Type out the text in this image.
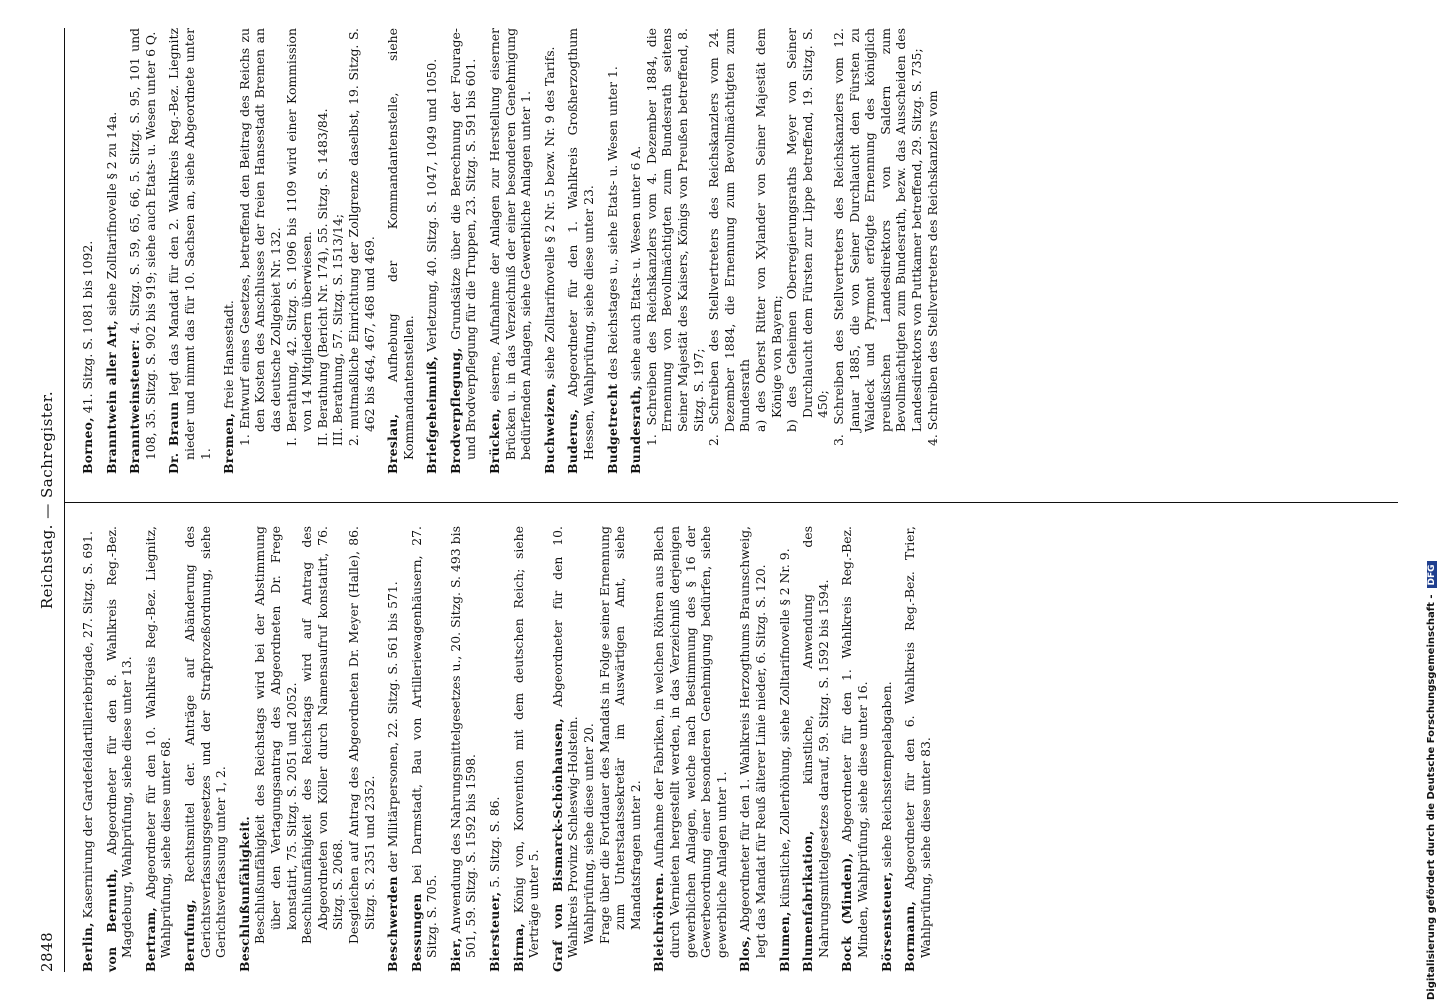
2848
Reichstag. — Sachregister.
Berlin, Kasernirung der Gardefeldartilleriebrigade, 27. Sitzg. S. 691.
von Bernuth, Abgeordneter für den 8. Wahlkreis Reg.-Bez. Magdeburg, Wahlprüfung, siehe diese unter 13. Bertram, Abgeordneter für den 10. Wahlkreis Reg.-Bez. Liegnitz, Wahlprüfung, siehe diese unter 68. Berufung, Rechtsmittel der. Anträge auf Abänderung des Gerichtsverfassungsgesetzes und der Strafprozeßordnung, siehe Gerichtsverfassung unter 1, 2. Beschlußunfähigkeit. Beschlußunfähigkeit des Reichstags wird bei der Abstimmung über den Vertagungsantrag des Abgeordneten Dr. Frege konstatirt, 75. Sitzg. S. 2051 und 2052. Beschlußunfähigkeit des Reichstags wird auf Antrag des Abgeordneten von Köller durch Namensaufruf konstatirt, 76. Sitzg. S. 2068. Desgleichen auf Antrag des Abgeordneten Dr. Meyer (Halle), 86. Sitzg. S. 2351 und 2352. Beschwerden der Militärpersonen, 22. Sitzg. S. 561 bis 571.
Bessungen bei Darmstadt, Bau von Artilleriewagenhäusern, 27. Sitzg. S. 705. Bier, Anwendung des Nahrungsmittelgesetzes u., 20. Sitzg. S. 493 bis 501, 59. Sitzg. S. 1592 bis 1598. Biersteuer, 5. Sitzg. S. 86.
Birma, König von, Konvention mit dem deutschen Reich; siehe Verträge unter 5. Graf von Bismarck-Schönhausen, Abgeordneter für den 10. Wahlkreis Provinz Schleswig-Holstein. Wahlprüfung, siehe diese unter 20. Frage über die Fortdauer des Mandats in Folge seiner Ernennung zum Unterstaatssekretär im Auswärtigen Amt, siehe Mandatsfragen unter 2. Bleichröhren. Aufnahme der Fabriken, in welchen Röhren aus Blech durch Vernieten hergestellt werden, in das Verzeichniß derjenigen gewerblichen Anlagen, welche nach Bestimmung des § 16 der Gewerbeordnung einer besonderen Genehmigung bedürfen, siehe gewerbliche Anlagen unter 1. Blos, Abgeordneter für den 1. Wahlkreis Herzogthums Braunschweig, legt das Mandat für Reuß älterer Linie nieder, 6. Sitzg. S. 120. Blumen, künstliche, Zollerhöhung, siehe Zolltarifnovelle § 2 Nr. 9. Blumenfabrikation, künstliche, Anwendung des Nahrungsmittelgesetzes darauf, 59. Sitzg. S. 1592 bis 1594. Bock (Minden), Abgeordneter für den 1. Wahlkreis Reg.-Bez. Minden, Wahlprüfung, siehe diese unter 16. Börsensteuer, siehe Reichsstempelabgaben.
Bormann, Abgeordneter für den 6. Wahlkreis Reg.-Bez. Trier, Wahlprüfung, siehe diese unter 83.
Borneo, 41. Sitzg. S. 1081 bis 1092. Branntwein aller Art, siehe Zolltarifnovelle § 2 zu 14a.
Branntweinsteuer: 4. Sitzg. S. 59, 65, 66, 5. Sitzg. S. 95, 101 und 108, 35. Sitzg. S. 902 bis 919; siehe auch Etats- u. Wesen unter 6 Q. Dr. Braun legt das Mandat für den 2. Wahlkreis Reg.-Bez. Liegnitz nieder und nimmt das für 10. Sachsen an, siehe Abgeordnete unter 1. Bremen, freie Hansestadt. 1. Entwurf eines Gesetzes, betreffend den Beitrag des Reichs zu den Kosten des Anschlusses der freien Hansestadt Bremen an das deutsche Zollgebiet Nr. 132. I. Berathung, 42. Sitzg. S. 1096 bis 1109 wird einer Kommission von 14 Mitgliedern überwiesen. II. Berathung (Bericht Nr. 174), 55. Sitzg. S. 1483/84. III. Berathung, 57. Sitzg. S. 1513/14; 2. mutmaßliche Einrichtung der Zollgrenze daselbst, 19. Sitzg. S. 462 bis 464, 467, 468 und 469.
Breslau, Aufhebung der Kommandantenstelle, siehe Kommandantenstellen. Briefgeheimniß, Verletzung, 40. Sitzg. S. 1047, 1049 und 1050.
Brodverpflegung, Grundsätze über die Berechnung der Fourage- und Brodverpflegung für die Truppen, 23. Sitzg. S. 591 bis 601. Brücken, eiserne, Aufnahme der Anlagen zur Herstellung eiserner Brücken u. in das Verzeichniß der einer besonderen Genehmigung bedürfenden Anlagen, siehe Gewerbliche Anlagen unter 1. Buchweizen, siehe Zolltarifnovelle § 2 Nr. 5 bezw. Nr. 9 des Tarifs.
Buderus, Abgeordneter für den 1. Wahlkreis Großherzogthum Hessen, Wahlprüfung, siehe diese unter 23. Budgetrecht des Reichstages u., siehe Etats- u. Wesen unter 1.
Bundesrath, siehe auch Etats- u. Wesen unter 6 A. 1. Schreiben des Reichskanzlers vom 4. Dezember 1884, die Ernennung von Bevollmächtigten zum Bundesrath seitens Seiner Majestät des Kaisers, Königs von Preußen betreffend, 8. Sitzg. S. 197; 2. Schreiben des Stellvertreters des Reichskanzlers vom 24. Dezember 1884, die Ernennung zum Bevollmächtigten zum Bundesrath a) des Oberst Ritter von Xylander von Seiner Majestät dem Könige von Bayern; b) des Geheimen Oberregierungsraths Meyer von Seiner Durchlaucht dem Fürsten zur Lippe betreffend, 19. Sitzg. S. 450; 3. Schreiben des Stellvertreters des Reichskanzlers vom 12. Januar 1885, die von Seiner Durchlaucht den Fürsten zu Waldeck und Pyrmont erfolgte Ernennung des königlich preußischen Landesdirektors von Saldern zum Bevollmächtigten zum Bundesrath, bezw. das Ausscheiden des Landesdirektors von Puttkamer betreffend, 29. Sitzg. S. 735; 4. Schreiben des Stellvertreters des Reichskanzlers vom
Digitalisierung gefördert durch die Deutsche Forschungsgemeinschaft -DFG
